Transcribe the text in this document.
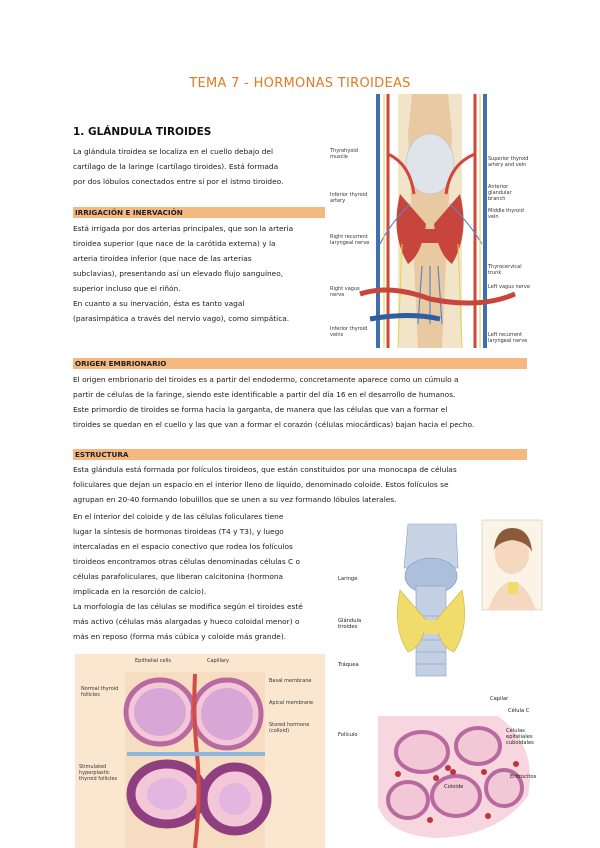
TEMA 7 - HORMONAS TIROIDEAS
1. GLÁNDULA TIROIDES
La glándula tiroidea se localiza en el cuello debajo del
cartílago de la laringe (cartílago tiroides). Está formada
por dos lóbulos conectados entre sí por el istmo tiroideo.
IRRIGACIÓN E INERVACIÓN
Está irrigada por dos arterias principales, que son la arteria
tiroidea superior (que nace de la carótida externa) y la
arteria tiroidea inferior (que nace de las arterias
subclavias), presentando así un elevado flujo sanguíneo,
superior incluso que el riñón.
En cuanto a su inervación, ésta es tanto vagal
(parasimpática a través del nervio vago), como simpática.
Thyrohyoid muscle
Inferior thyroid artery
Right recurrent laryngeal nerve
Right vagus nerve
Inferior thyroid veins
Superior thyroid artery and vein
Anterior glandular branch
Middle thyroid vein
Thyrocervical trunk
Left vagus nerve
Left recurrent laryngeal nerve
ORIGEN EMBRIONARIO
El origen embrionario del tiroides es a partir del endodermo, concretamente aparece como un cúmulo a
partir de células de la faringe, siendo este identificable a partir del día 16 en el desarrollo de humanos.
Este primordio de tiroides se forma hacia la garganta, de manera que las células que van a formar el
tiroides se quedan en el cuello y las que van a formar el corazón (células miocárdicas) bajan hacia el pecho.
ESTRUCTURA
Esta glándula está formada por folículos tiroideos, que están constituidos por una monocapa de células
foliculares que dejan un espacio en el interior lleno de líquido, denominado coloide. Estos folículos se
agrupan en 20-40 formando lobulillos que se unen a su vez formando lóbulos laterales.
En el interior del coloide y de las células foliculares tiene
lugar la síntesis de hormonas tiroideas (T4 y T3), y luego
intercaladas en el espacio conectivo que rodea los folículos
tiroideos encontramos otras células denominadas células C o
células parafoliculares, que liberan calcitonina (hormona
implicada en la resorción de calcio).
La morfología de las células se modifica según el tiroides esté
más activo (células más alargadas y hueco coloidal menor) o
más en reposo (forma más cúbica y coloide más grande).
Epithelial cells	Capillary
Normal thyroid follicles
Basal membrane
Apical membrane
Stored hormone (colloid)
Stimulated hyperplastic thyroid follicles
Laringe
Glándula tiroides
Tráquea
Folículo
Capilar
Célula C
Células epiteliales cuboidales
Coloide
Eritrocitos
